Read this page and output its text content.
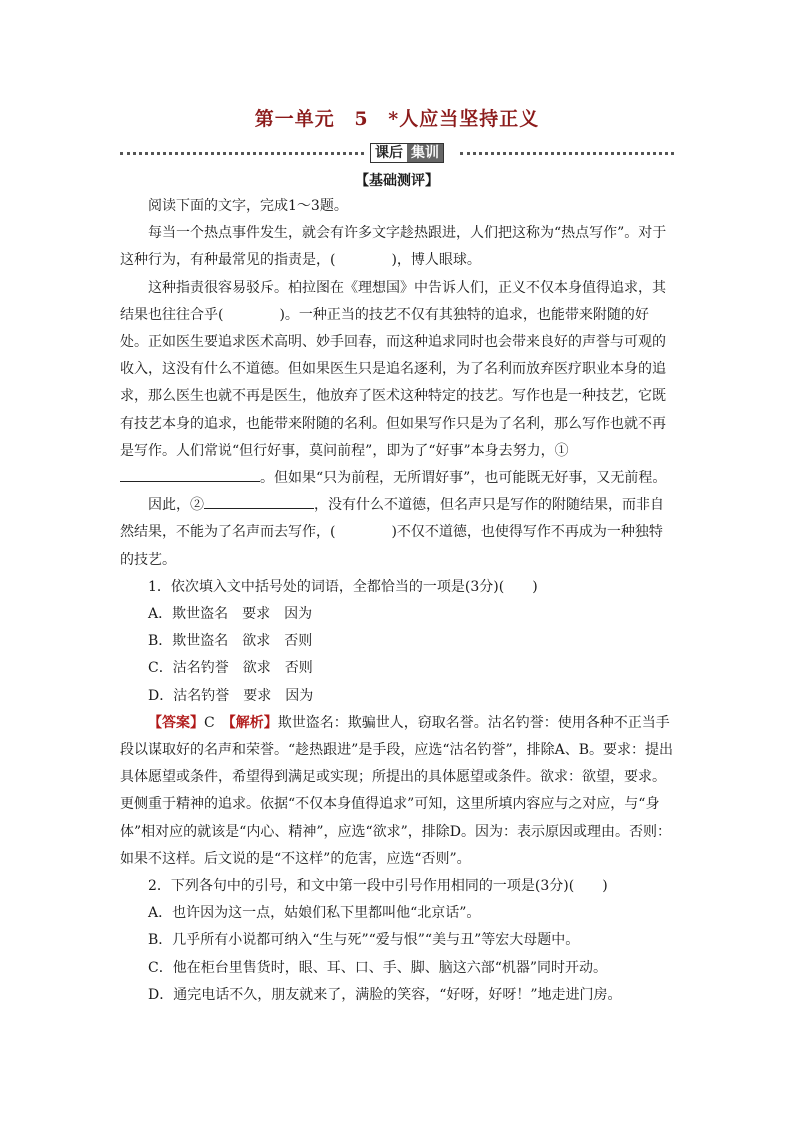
第一单元 5 *人应当坚持正义
课后 集训
【基础测评】

阅读下面的文字，完成1～3题。

每当一个热点事件发生，就会有许多文字趁热跟进，人们把这称为“热点写作”。对于这种行为，有种最常见的指责是，(　　　　)，博人眼球。

这种指责很容易驳斥。柏拉图在《理想国》中告诉人们，正义不仅本身值得追求，其结果也往往合乎(　　　　)。一种正当的技艺不仅有其独特的追求，也能带来附随的好处。正如医生要追求医术高明、妙手回春，而这种追求同时也会带来良好的声誉与可观的收入，这没有什么不道德。但如果医生只是追名逐利，为了名利而放弃医疗职业本身的追求，那么医生也就不再是医生，他放弃了医术这种特定的技艺。写作也是一种技艺，它既有技艺本身的追求，也能带来附随的名利。但如果写作只是为了名利，那么写作也就不再是写作。人们常说“但行好事，莫问前程”，即为了“好事”本身去努力，①。但如果“只为前程，无所谓好事”，也可能既无好事，又无前程。

因此，②	，没有什么不道德，但名声只是写作的附随结果，而非自然结果，不能为了名声而去写作，(　　　　)不仅不道德，也使得写作不再成为一种独特的技艺。

1．依次填入文中括号处的词语，全都恰当的一项是(3分)(　　)

A．欺世盗名　要求　因为

B．欺世盗名　欲求　否则

C．沽名钓誉　欲求　否则

D．沽名钓誉　要求　因为

【答案】C　 【解析】欺世盗名：欺骗世人，窃取名誉。沽名钓誉：使用各种不正当手段以谋取好的名声和荣誉。“趁热跟进”是手段，应选“沽名钓誉”，排除A、B。要求：提出具体愿望或条件，希望得到满足或实现；所提出的具体愿望或条件。欲求：欲望，要求。更侧重于精神的追求。依据“不仅本身值得追求”可知，这里所填内容应与之对应，与“身体”相对应的就该是“内心、精神”，应选“欲求”，排除D。因为：表示原因或理由。否则：如果不这样。后文说的是“不这样”的危害，应选“否则”。

2．下列各句中的引号，和文中第一段中引号作用相同的一项是(3分)(　　)

A．也许因为这一点，姑娘们私下里都叫他“北京话”。

B．几乎所有小说都可纳入“生与死”“爱与恨”“美与丑”等宏大母题中。

C．他在柜台里售货时，眼、耳、口、手、脚、脑这六部“机器”同时开动。

D．通完电话不久，朋友就来了，满脸的笑容，“好呀，好呀！”地走进门房。
